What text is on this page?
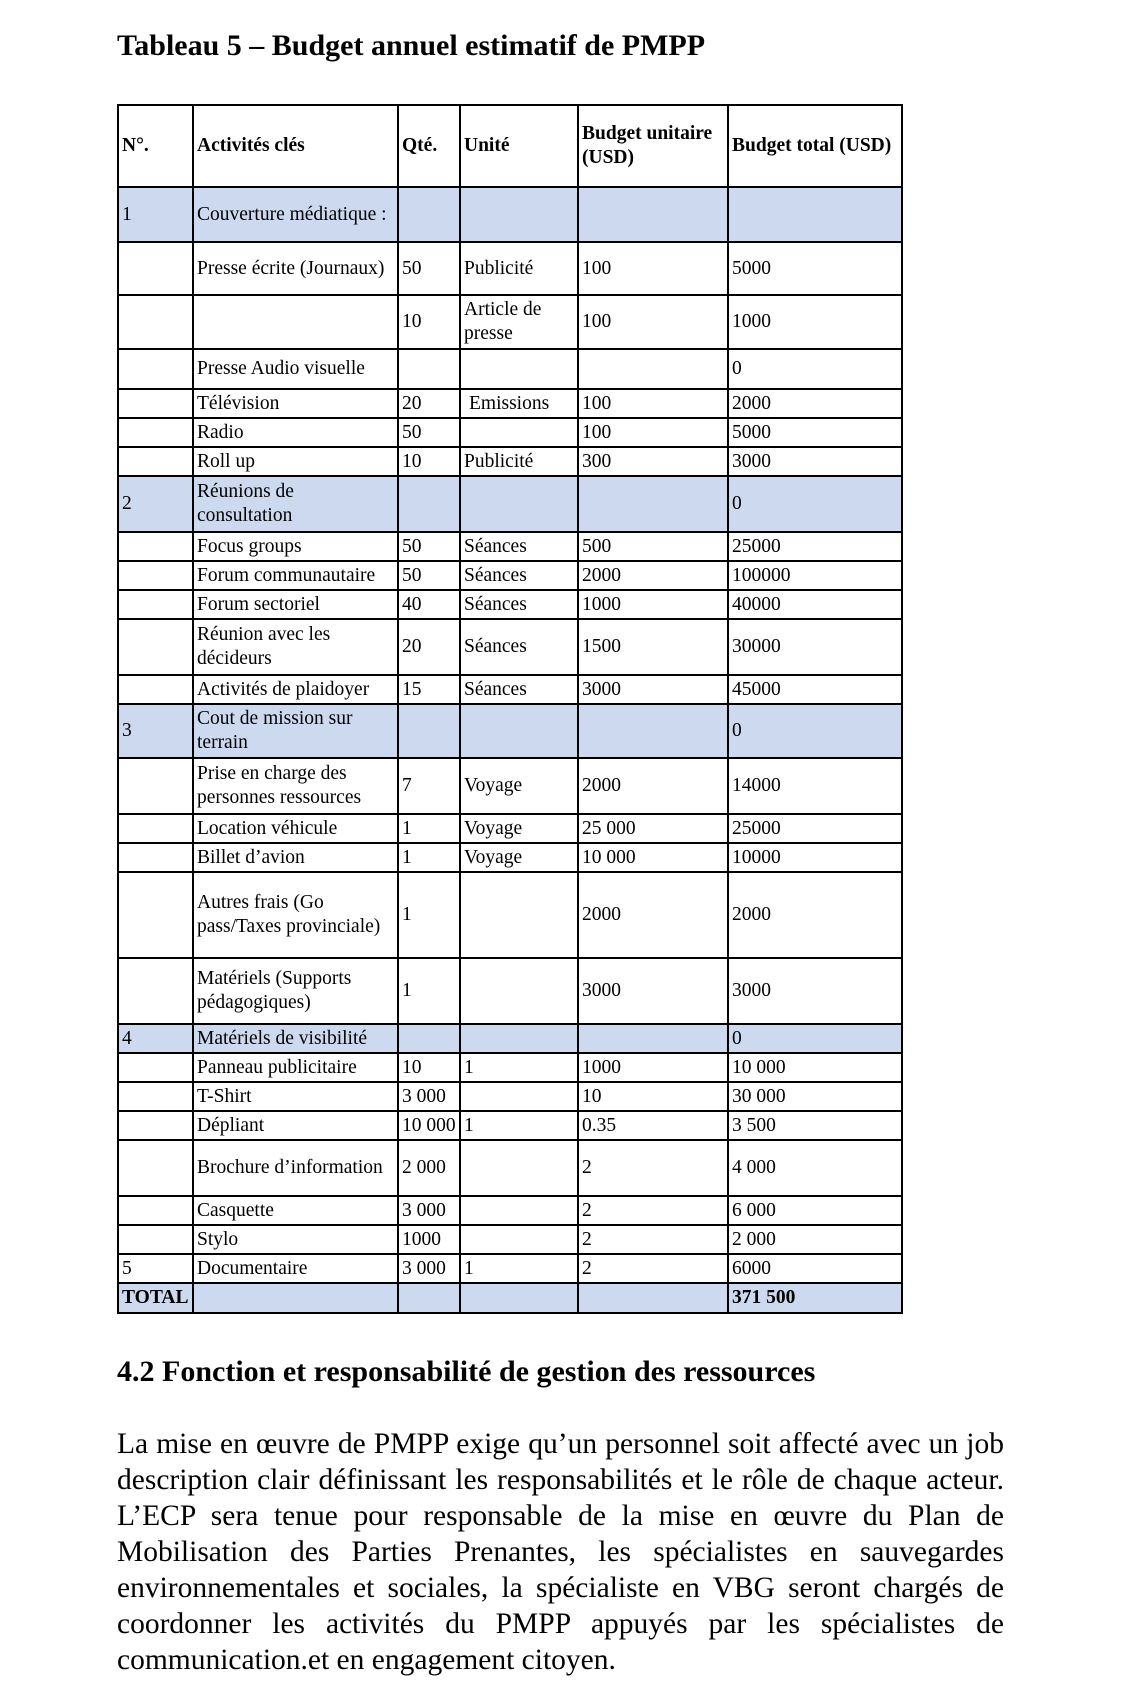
Tableau 5 – Budget annuel estimatif de PMPP
N°.	Activités clés	Qté.	Unité	Budget unitaire (USD)	Budget total (USD)
1	Couverture médiatique :				
	Presse écrite (Journaux)	50	Publicité	100	5000
		10	Article de presse	100	1000
	Presse Audio visuelle				0
	Télévision	20	Emissions	100	2000
	Radio	50		100	5000
	Roll up	10	Publicité	300	3000
2	Réunions de consultation				0
	Focus groups	50	Séances	500	25000
	Forum communautaire	50	Séances	2000	100000
	Forum sectoriel	40	Séances	1000	40000
	Réunion avec les décideurs	20	Séances	1500	30000
	Activités de plaidoyer	15	Séances	3000	45000
3	Cout de mission sur terrain				0
	Prise en charge des personnes ressources	7	Voyage	2000	14000
	Location véhicule	1	Voyage	25 000	25000
	Billet d’avion	1	Voyage	10 000	10000
	Autres frais (Go pass/Taxes provinciale)	1		2000	2000
	Matériels (Supports pédagogiques)	1		3000	3000
4	Matériels de visibilité				0
	Panneau publicitaire	10	1	1000	10 000
	T-Shirt	3 000		10	30 000
	Dépliant	10 000	1	0.35	3 500
	Brochure d’information	2 000		2	4 000
	Casquette	3 000		2	6 000
	Stylo	1000		2	2 000
5	Documentaire	3 000	1	2	6000
TOTAL					371 500
4.2 Fonction et responsabilité de gestion des ressources

La mise en œuvre de PMPP exige qu’un personnel soit affecté avec un job description clair définissant les responsabilités et le rôle de chaque acteur. L’ECP sera tenue pour responsable de la mise en œuvre du Plan de Mobilisation des Parties Prenantes, les spécialistes en sauvegardes environnementales et sociales, la spécialiste en VBG seront chargés de coordonner les activités du PMPP appuyés par les spécialistes de communication.et en engagement citoyen.
